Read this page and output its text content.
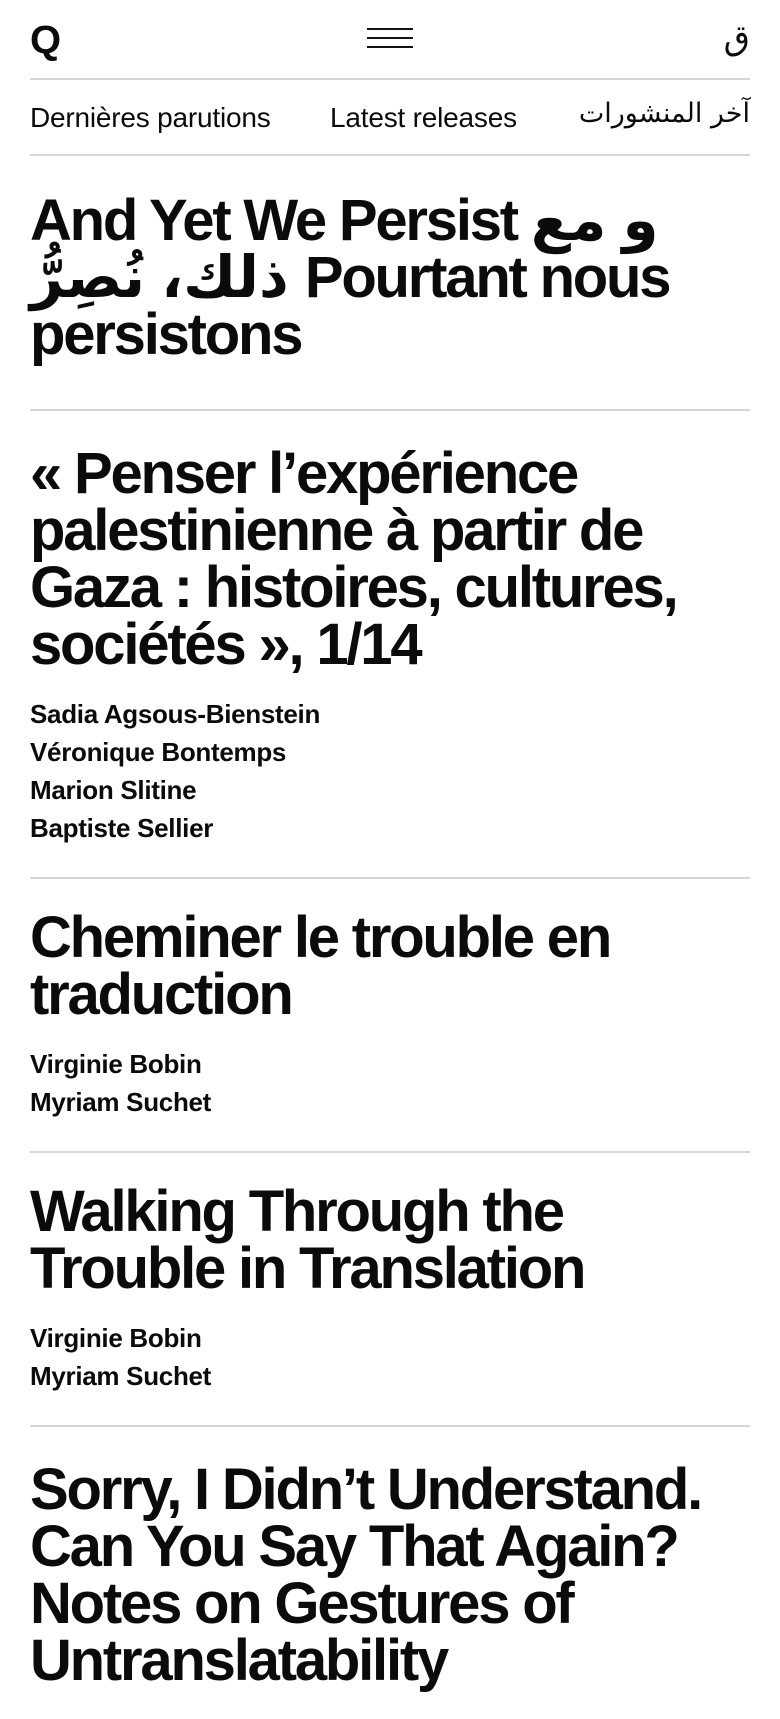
Q	ق
Dernières parutions Latest releases آخر المنشورات
And Yet We Persist و مع ذلك، نُصِرُّ Pourtant nous persistons
« Penser l’expérience palestinienne à partir de Gaza : histoires, cultures, sociétés », 1/14
Sadia Agsous-Bienstein
Véronique Bontemps
Marion Slitine
Baptiste Sellier
Cheminer le trouble en traduction
Virginie Bobin
Myriam Suchet
Walking Through the Trouble in Translation
Virginie Bobin
Myriam Suchet
Sorry, I Didn’t Understand. Can You Say That Again? Notes on Gestures of Untranslatability
